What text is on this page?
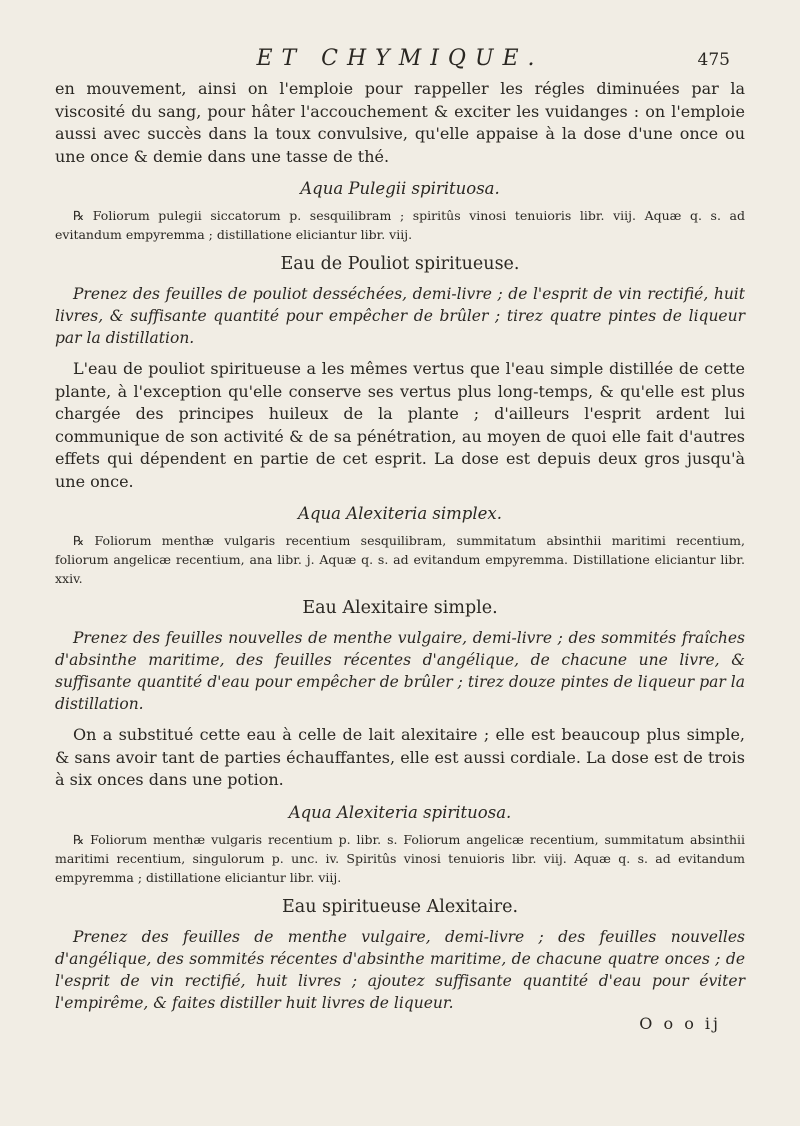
ET CHYMIQUE.	475

en mouvement, ainsi on l'emploie pour rappeller les régles diminuées par la viscosité du sang, pour hâter l'accouchement & exciter les vuidanges : on l'emploie aussi avec succès dans la toux convulsive, qu'elle appaise à la dose d'une once ou une once & demie dans une tasse de thé.

Aqua Pulegii spirituosa.

℞ Foliorum pulegii siccatorum p. sesquilibram ; spiritûs vinosi tenuioris libr. viij. Aquæ q. s. ad evitandum empyremma ; distillatione eliciantur libr. viij.

Eau de Pouliot spiritueuse.

Prenez des feuilles de pouliot desséchées, demi-livre ; de l'esprit de vin rectifié, huit livres, & suffisante quantité pour empêcher de brûler ; tirez quatre pintes de liqueur par la distillation.

L'eau de pouliot spiritueuse a les mêmes vertus que l'eau simple distillée de cette plante, à l'exception qu'elle conserve ses vertus plus long-temps, & qu'elle est plus chargée des principes huileux de la plante ; d'ailleurs l'esprit ardent lui communique de son activité & de sa pénétration, au moyen de quoi elle fait d'autres effets qui dépendent en partie de cet esprit. La dose est depuis deux gros jusqu'à une once.

Aqua Alexiteria simplex.

℞ Foliorum menthæ vulgaris recentium sesquilibram, summitatum absinthii maritimi recentium, foliorum angelicæ recentium, ana libr. j. Aquæ q. s. ad evitandum empyremma. Distillatione eliciantur libr. xxiv.

Eau Alexitaire simple.

Prenez des feuilles nouvelles de menthe vulgaire, demi-livre ; des sommités fraîches d'absinthe maritime, des feuilles récentes d'angélique, de chacune une livre, & suffisante quantité d'eau pour empêcher de brûler ; tirez douze pintes de liqueur par la distillation.

On a substitué cette eau à celle de lait alexitaire ; elle est beaucoup plus simple, & sans avoir tant de parties échauffantes, elle est aussi cordiale. La dose est de trois à six onces dans une potion.

Aqua Alexiteria spirituosa.

℞ Foliorum menthæ vulgaris recentium p. libr. s. Foliorum angelicæ recentium, summitatum absinthii maritimi recentium, singulorum p. unc. iv. Spiritûs vinosi tenuioris libr. viij. Aquæ q. s. ad evitandum empyremma ; distillatione eliciantur libr. viij.

Eau spiritueuse Alexitaire.

Prenez des feuilles de menthe vulgaire, demi-livre ; des feuilles nouvelles d'angélique, des sommités récentes d'absinthe maritime, de chacune quatre onces ; de l'esprit de vin rectifié, huit livres ; ajoutez suffisante quantité d'eau pour éviter l'empirême, & faites distiller huit livres de liqueur.

O o o ij
